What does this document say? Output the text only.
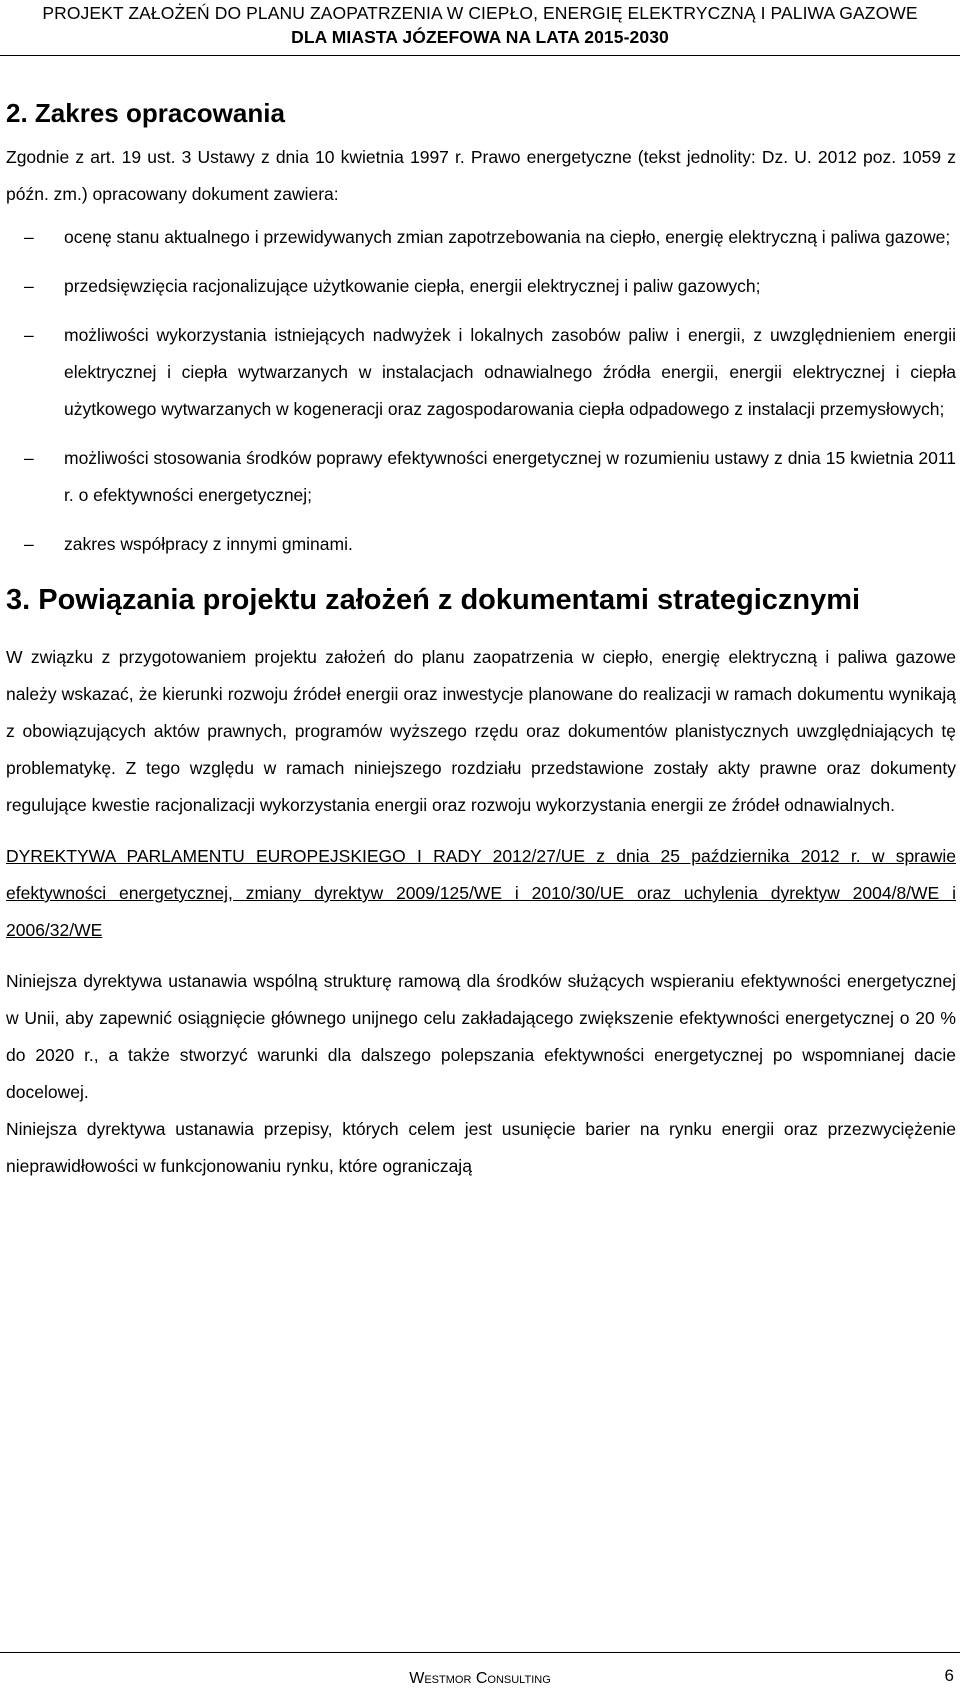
PROJEKT ZAŁOŻEŃ DO PLANU ZAOPATRZENIA W CIEPŁO, ENERGIĘ ELEKTRYCZNĄ I PALIWA GAZOWE
DLA MIASTA JÓZEFOWA NA LATA 2015-2030
2. Zakres opracowania

Zgodnie z art. 19 ust. 3 Ustawy z dnia 10 kwietnia 1997 r. Prawo energetyczne (tekst jednolity: Dz. U. 2012 poz. 1059 z późn. zm.) opracowany dokument zawiera:

– ocenę stanu aktualnego i przewidywanych zmian zapotrzebowania na ciepło, energię elektryczną i paliwa gazowe;
– przedsięwzięcia racjonalizujące użytkowanie ciepła, energii elektrycznej i paliw gazowych;
– możliwości wykorzystania istniejących nadwyżek i lokalnych zasobów paliw i energii, z uwzględnieniem energii elektrycznej i ciepła wytwarzanych w instalacjach odnawialnego źródła energii, energii elektrycznej i ciepła użytkowego wytwarzanych w kogeneracji oraz zagospodarowania ciepła odpadowego z instalacji przemysłowych;
– możliwości stosowania środków poprawy efektywności energetycznej w rozumieniu ustawy z dnia 15 kwietnia 2011 r. o efektywności energetycznej;
– zakres współpracy z innymi gminami.
3. Powiązania projektu założeń z dokumentami strategicznymi

W związku z przygotowaniem projektu założeń do planu zaopatrzenia w ciepło, energię elektryczną i paliwa gazowe należy wskazać, że kierunki rozwoju źródeł energii oraz inwestycje planowane do realizacji w ramach dokumentu wynikają z obowiązujących aktów prawnych, programów wyższego rzędu oraz dokumentów planistycznych uwzględniających tę problematykę. Z tego względu w ramach niniejszego rozdziału przedstawione zostały akty prawne oraz dokumenty regulujące kwestie racjonalizacji wykorzystania energii oraz rozwoju wykorzystania energii ze źródeł odnawialnych.

DYREKTYWA PARLAMENTU EUROPEJSKIEGO I RADY 2012/27/UE z dnia 25 października 2012 r. w sprawie efektywności energetycznej, zmiany dyrektyw 2009/125/WE i 2010/30/UE oraz uchylenia dyrektyw 2004/8/WE i 2006/32/WE

Niniejsza dyrektywa ustanawia wspólną strukturę ramową dla środków służących wspieraniu efektywności energetycznej w Unii, aby zapewnić osiągnięcie głównego unijnego celu zakładającego zwiększenie efektywności energetycznej o 20 % do 2020 r., a także stworzyć warunki dla dalszego polepszania efektywności energetycznej po wspomnianej dacie docelowej.

Niniejsza dyrektywa ustanawia przepisy, których celem jest usunięcie barier na rynku energii oraz przezwyciężenie nieprawidłowości w funkcjonowaniu rynku, które ograniczają

Westmor Consulting	6
